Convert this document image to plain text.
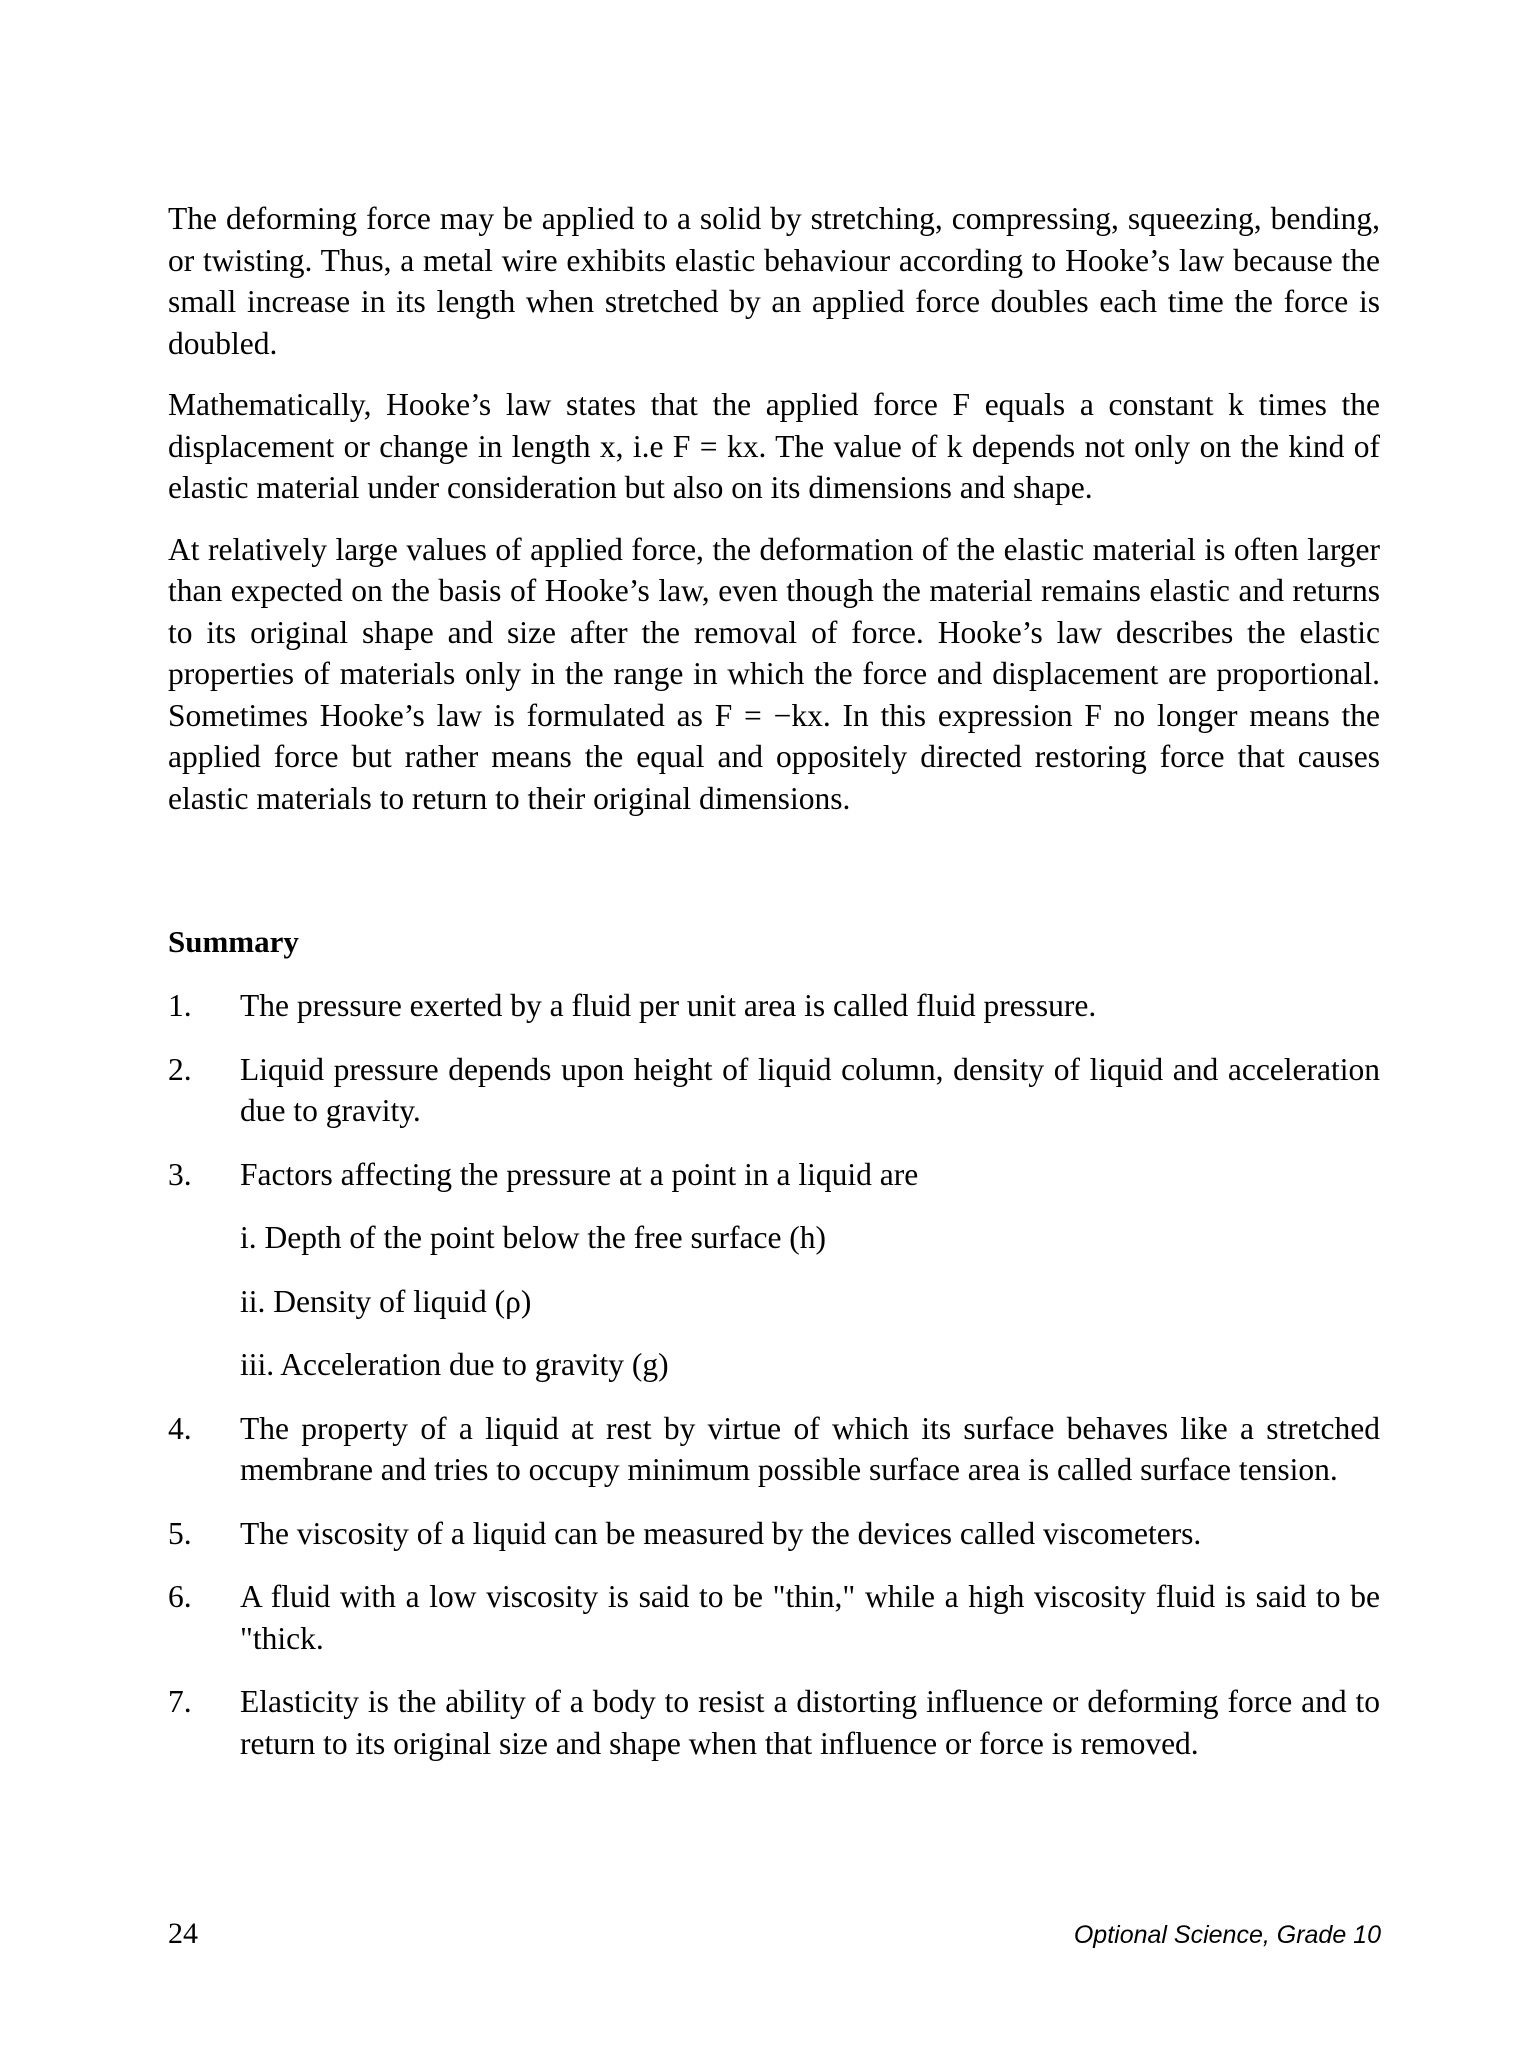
The deforming force may be applied to a solid by stretching, compressing, squeezing, bending, or twisting. Thus, a metal wire exhibits elastic behaviour according to Hooke’s law because the small increase in its length when stretched by an applied force doubles each time the force is doubled.

Mathematically, Hooke’s law states that the applied force F equals a constant k times the displacement or change in length x, i.e F = kx. The value of k depends not only on the kind of elastic material under consideration but also on its dimensions and shape.

At relatively large values of applied force, the deformation of the elastic material is often larger than expected on the basis of Hooke’s law, even though the material remains elastic and returns to its original shape and size after the removal of force. Hooke’s law describes the elastic properties of materials only in the range in which the force and displacement are proportional. Sometimes Hooke’s law is formulated as F = −kx. In this expression F no longer means the applied force but rather means the equal and oppositely directed restoring force that causes elastic materials to return to their original dimensions.

Summary
1.	The pressure exerted by a fluid per unit area is called fluid pressure.
2.	Liquid pressure depends upon height of liquid column, density of liquid and acceleration due to gravity.
3.	Factors affecting the pressure at a point in a liquid are
i. Depth of the point below the free surface (h)
ii. Density of liquid (ρ)
iii. Acceleration due to gravity (g)
4.	The property of a liquid at rest by virtue of which its surface behaves like a stretched membrane and tries to occupy minimum possible surface area is called surface tension.
5.	The viscosity of a liquid can be measured by the devices called viscometers.
6.	A fluid with a low viscosity is said to be "thin," while a high viscosity fluid is said to be "thick.
7.	Elasticity is the ability of a body to resist a distorting influence or deforming force and to return to its original size and shape when that influence or force is removed.
24	Optional Science, Grade 10
